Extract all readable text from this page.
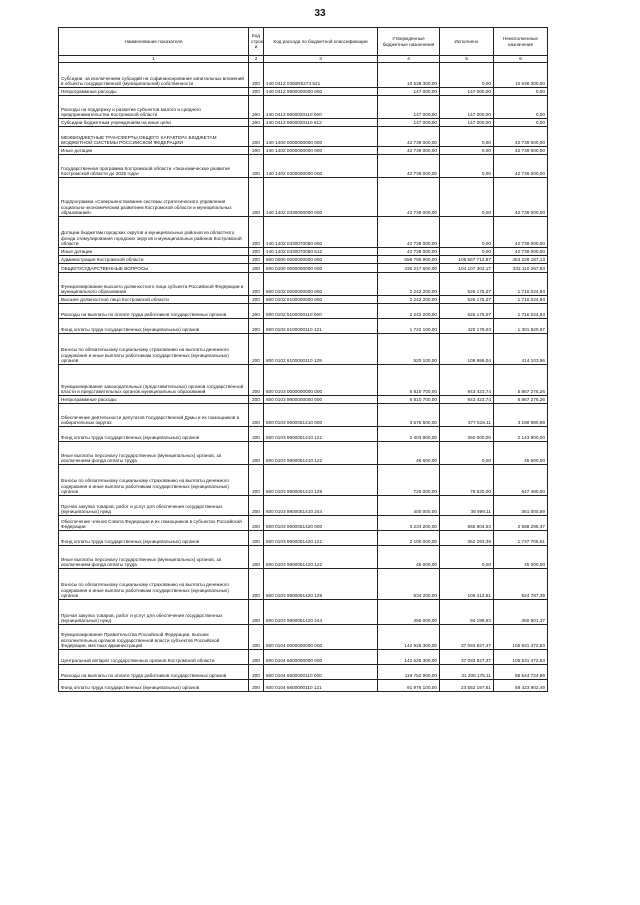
33
Наименование показателя	Код строк и	Код расхода по бюджетной классификации	Утвержденные бюджетные назначения	Исполнено	Неисполненные назначения
1	2	3	4	5	6
Субсидии, за исключением субсидий на софинансирование капитальных вложений в объекты государственной (муниципальной) собственности	200	140 0412 0360R5273 521	10 638 300,00	0,00	10 638 300,00
Непрограммные расходы	200	140 0412 9900000000 000	147 000,00	147 000,00	0,00
Расходы на поддержку и развитие субъектов малого и среднего предпринимательства Костромской области	200	140 0412 9900020110 000	147 000,00	147 000,00	0,00
Субсидии бюджетным учреждениям на иные цели	200	140 0412 9900020110 612	147 000,00	147 000,00	0,00
МЕЖБЮДЖЕТНЫЕ ТРАНСФЕРТЫ ОБЩЕГО ХАРАКТЕРА БЮДЖЕТАМ БЮДЖЕТНОЙ СИСТЕМЫ РОССИЙСКОЙ ФЕДЕРАЦИИ	200	140 1400 0000000000 000	42 739 000,00	0,00	42 739 000,00
Иные дотации	200	140 1402 0000000000 000	42 739 000,00	0,00	42 739 000,00
Государственная программа Костромской области «Экономическое развитие Костромской области до 2025 года»	200	140 1402 0300000000 000	42 739 000,00	0,00	42 739 000,00
Подпрограмма «Совершенствование системы стратегического управления социально-экономическим развитием Костромской области и муниципальных образований»	200	140 1402 0330000000 000	42 739 000,00	0,00	42 739 000,00
Дотации бюджетам городских округов и муниципальных районов из областного фонда стимулирования городских округов и муниципальных районов Костромской области	200	140 1402 0330070050 000	42 739 000,00	0,00	42 739 000,00
Иные дотации	200	140 1402 0330070050 512	42 739 000,00	0,00	42 739 000,00
Администрация Костромской области	200	800 0000 0000000000 000	558 795 900,00	105 567 712,87	453 228 187,13
ОБЩЕГОСУДАРСТВЕННЫЕ ВОПРОСЫ	200	800 0100 0000000000 000	436 217 600,00	104 107 302,17	332 110 297,83
Функционирование высшего должностного лица субъекта Российской Федерации и муниципального образования	200	800 0102 0000000000 000	2 242 200,00	526 175,07	1 716 024,93
Высшее должностное лицо Костромской области	200	800 0102 6100000000 000	2 242 200,00	526 175,07	1 716 024,93
Расходы на выплаты по оплате труда работников государственных органов	200	800 0102 6100000110 000	2 242 200,00	526 175,07	1 716 024,93
Фонд оплаты труда государственных (муниципальных) органов	200	800 0102 6100000110 121	1 722 100,00	420 179,03	1 301 920,97
Взносы по обязательному социальному страхованию на выплаты денежного содержания и иные выплаты работникам государственных (муниципальных) органов	200	800 0102 6100000110 129	520 100,00	105 996,04	414 103,96
Функционирование законодательных (представительных) органов государственной власти и представительных органов муниципальных образований	200	800 0103 0000000000 000	6 810 700,00	943 423,74	5 867 276,26
Непрограммные расходы	200	800 0103 9900000000 000	6 810 700,00	943 423,74	5 867 276,26
Обеспечение деятельности депутатов Государственной Думы и их помощников в избирательных округах	200	800 0103 9900051410 000	3 576 500,00	377 519,11	3 198 980,89
Фонд оплаты труда государственных (муниципальных) органов	200	800 0103 9900051410 121	2 403 900,00	260 000,00	2 143 900,00
Иные выплаты персоналу государственных (муниципальных) органов, за исключением фонда оплаты труда	200	800 0103 9900051410 122	46 600,00	0,00	46 600,00
Взносы по обязательному социальному страхованию на выплаты денежного содержания и иные выплаты работникам государственных (муниципальных) органов	200	800 0103 9900051410 129	726 000,00	78 520,00	647 480,00
Прочая закупка товаров, работ и услуг для обеспечения государственных (муниципальных) нужд	200	800 0103 9900051410 244	400 000,00	38 999,11	361 000,89
Обеспечение членов Совета Федерации и их помощников в субъектах Российской Федерации	200	800 0103 9900051420 000	3 234 200,00	565 904,63	2 668 295,37
Фонд оплаты труда государственных (муниципальных) органов	200	800 0103 9900051420 121	2 100 000,00	362 293,39	1 737 706,61
Иные выплаты персоналу государственных (муниципальных) органов, за исключением фонда оплаты труда	200	800 0103 9900051420 122	45 000,00	0,00	45 000,00
Взносы по обязательному социальному страхованию на выплаты денежного содержания и иные выплаты работникам государственных (муниципальных) органов	200	800 0103 9900051420 129	634 200,00	109 412,61	524 787,39
Прочая закупка товаров, работ и услуг для обеспечения государственных (муниципальных) нужд	200	800 0103 9900051420 244	455 000,00	94 198,63	360 801,37
Функционирование Правительства Российской Федерации, высших исполнительных органов государственной власти субъектов Российской Федерации, местных администраций	200	800 0104 0000000000 000	142 925 300,00	37 093 827,47	105 831 472,53
Центральный аппарат государственных органов Костромской области	200	800 0104 6600000000 000	142 625 300,00	37 093 827,47	105 531 472,53
Расходы на выплаты по оплате труда работников государственных органов	200	800 0104 6600000110 000	119 752 900,00	31 208 175,11	88 544 724,89
Фонд оплаты труда государственных (муниципальных) органов	200	800 0104 6600000110 121	91 976 100,00	23 552 197,51	68 423 902,49
